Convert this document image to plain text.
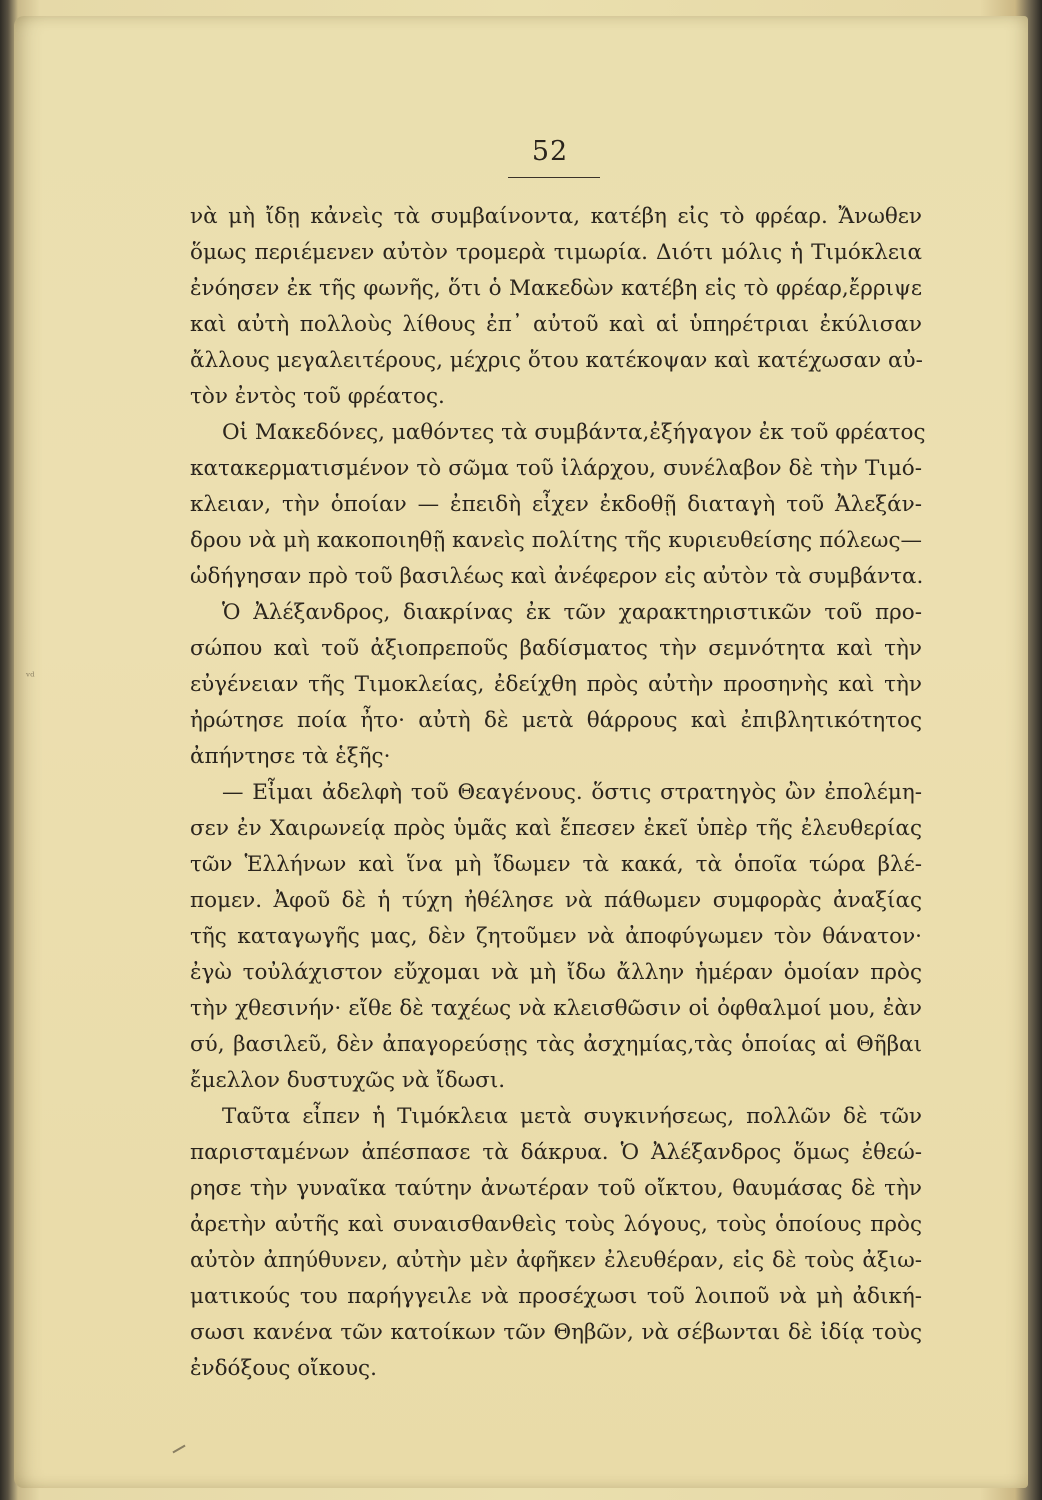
52
ᵛᵈ
νὰ μὴ ἴδῃ κἀνεὶς τὰ συμβαίνοντα, κατέβη εἰς τὸ φρέαρ. Ἄνωθεν
ὅμως περιέμενεν αὐτὸν τρομερὰ τιμωρία. Διότι μόλις ἡ Τιμόκλεια
ἐνόησεν ἐκ τῆς φωνῆς, ὅτι ὁ Μακεδὼν κατέβη εἰς τὸ φρέαρ,ἔρριψε
καὶ αὐτὴ πολλοὺς λίθους ἐπ᾽ αὐτοῦ καὶ αἱ ὑπηρέτριαι ἐκύλισαν
ἄλλους μεγαλειτέρους, μέχρις ὅτου κατέκοψαν καὶ κατέχωσαν αὐ-
τὸν ἐντὸς τοῦ φρέατος.
Οἱ Μακεδόνες, μαθόντες τὰ συμβάντα,ἐξήγαγον ἐκ τοῦ φρέατος
κατακερματισμένον τὸ σῶμα τοῦ ἰλάρχου, συνέλαβον δὲ τὴν Τιμό-
κλειαν, τὴν ὁποίαν — ἐπειδὴ εἶχεν ἐκδοθῇ διαταγὴ τοῦ Ἀλεξάν-
δρου νὰ μὴ κακοποιηθῇ κανεὶς πολίτης τῆς κυριευθείσης πόλεως—
ὡδήγησαν πρὸ τοῦ βασιλέως καὶ ἀνέφερον εἰς αὐτὸν τὰ συμβάντα.
Ὁ Ἀλέξανδρος, διακρίνας ἐκ τῶν χαρακτηριστικῶν τοῦ προ-
σώπου καὶ τοῦ ἀξιοπρεποῦς βαδίσματος τὴν σεμνότητα καὶ τὴν
εὐγένειαν τῆς Τιμοκλείας, ἐδείχθη πρὸς αὐτὴν προσηνὴς καὶ τὴν
ἠρώτησε ποία ἦτο· αὐτὴ δὲ μετὰ θάρρους καὶ ἐπιβλητικότητος
ἀπήντησε τὰ ἑξῆς·
— Εἶμαι ἀδελφὴ τοῦ Θεαγένους. ὅστις στρατηγὸς ὢν ἐπολέμη-
σεν ἐν Χαιρωνείᾳ πρὸς ὑμᾶς καὶ ἔπεσεν ἐκεῖ ὑπὲρ τῆς ἐλευθερίας
τῶν Ἑλλήνων καὶ ἵνα μὴ ἴδωμεν τὰ κακά, τὰ ὁποῖα τώρα βλέ-
πομεν. Ἀφοῦ δὲ ἡ τύχη ἠθέλησε νὰ πάθωμεν συμφορὰς ἀναξίας
τῆς καταγωγῆς μας, δὲν ζητοῦμεν νὰ ἀποφύγωμεν τὸν θάνατον·
ἐγὼ τοὐλάχιστον εὔχομαι νὰ μὴ ἴδω ἄλλην ἡμέραν ὁμοίαν πρὸς
τὴν χθεσινήν· εἴθε δὲ ταχέως νὰ κλεισθῶσιν οἱ ὀφθαλμοί μου, ἐὰν
σύ, βασιλεῦ, δὲν ἀπαγορεύσῃς τὰς ἀσχημίας,τὰς ὁποίας αἱ Θῆβαι
ἔμελλον δυστυχῶς νὰ ἴδωσι.
Ταῦτα εἶπεν ἡ Τιμόκλεια μετὰ συγκινήσεως, πολλῶν δὲ τῶν
παρισταμένων ἀπέσπασε τὰ δάκρυα. Ὁ Ἀλέξανδρος ὅμως ἐθεώ-
ρησε τὴν γυναῖκα ταύτην ἀνωτέραν τοῦ οἴκτου, θαυμάσας δὲ τὴν
ἀρετὴν αὐτῆς καὶ συναισθανθεὶς τοὺς λόγους, τοὺς ὁποίους πρὸς
αὐτὸν ἀπηύθυνεν, αὐτὴν μὲν ἀφῆκεν ἐλευθέραν, εἰς δὲ τοὺς ἀξιω-
ματικούς του παρήγγειλε νὰ προσέχωσι τοῦ λοιποῦ νὰ μὴ ἀδική-
σωσι κανένα τῶν κατοίκων τῶν Θηβῶν, νὰ σέβωνται δὲ ἰδίᾳ τοὺς
ἐνδόξους οἴκους.
